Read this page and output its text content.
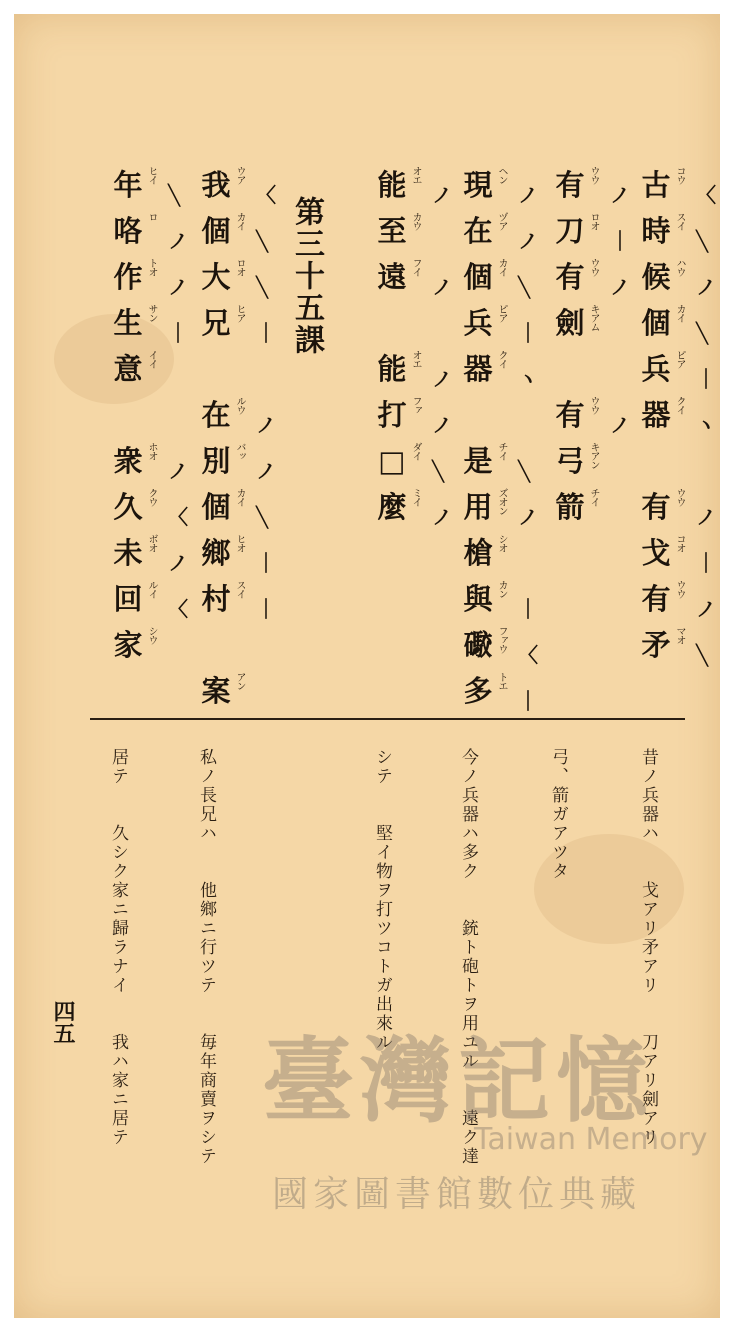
古 コウ
〈
時 スイ
╲
候 ハウ
ノ
個 カイ
╲
兵 ピア
｜
器 クイ
ヽ
有 ウウ
ノ
戈 コオ
｜
有 ウウ
ノ
矛 マオ
╲
有 ウウ
ノ
刀 ロオ
｜
有 ウウ
ノ
劍 キアム
有 ウウ
ノ
弓 キアン
箭 チイ
現 ヘン
ノ
在 ヅア
ノ
個 カイ
╲
兵 ピア
｜
器 クイ
ヽ
是 チイ
╲
用 ズオン
ノ
槍 シオ
與 カン
｜
礮 ファウ
〈
多 トエ
｜
能 オエ
ノ
至 カウ
遠 フイ
ノ
能 オエ
ノ
打 ファ
ノ
□ ダイ
╲
麼 ミイ
ノ
我 ウア
〈
個 カイ
╲
大 ロオ
╲
兄 ヒア
｜
在 ルウ
ノ
別 バッ
ノ
個 カイ
╲
鄉 ヒオ
｜
村 スイ
｜
案 アン
年 ヒイ
╲
咯 ロ
ノ
作 トオ
ノ
生 サン
｜
意 イイ
衆 ホオ
ノ
久 クウ
〈
未 ボオ
ノ
回 ルイ
〈
家 シウ
第三十五課
昔ノ兵器ハ　　戈アリ矛アリ　　刀アリ劍アリ
弓、箭ガアツタ
今ノ兵器ハ多ク　　銃ト砲トヲ用ユル　　遠ク達
シテ　　堅イ物ヲ打ツコトガ出來ル
私ノ長兄ハ　　他鄉ニ行ツテ　　毎年商賣ヲシテ
居テ　　久シク家ニ歸ラナイ　　我ハ家ニ居テ
四五
臺灣記憶
Taiwan Memory
國家圖書館數位典藏
